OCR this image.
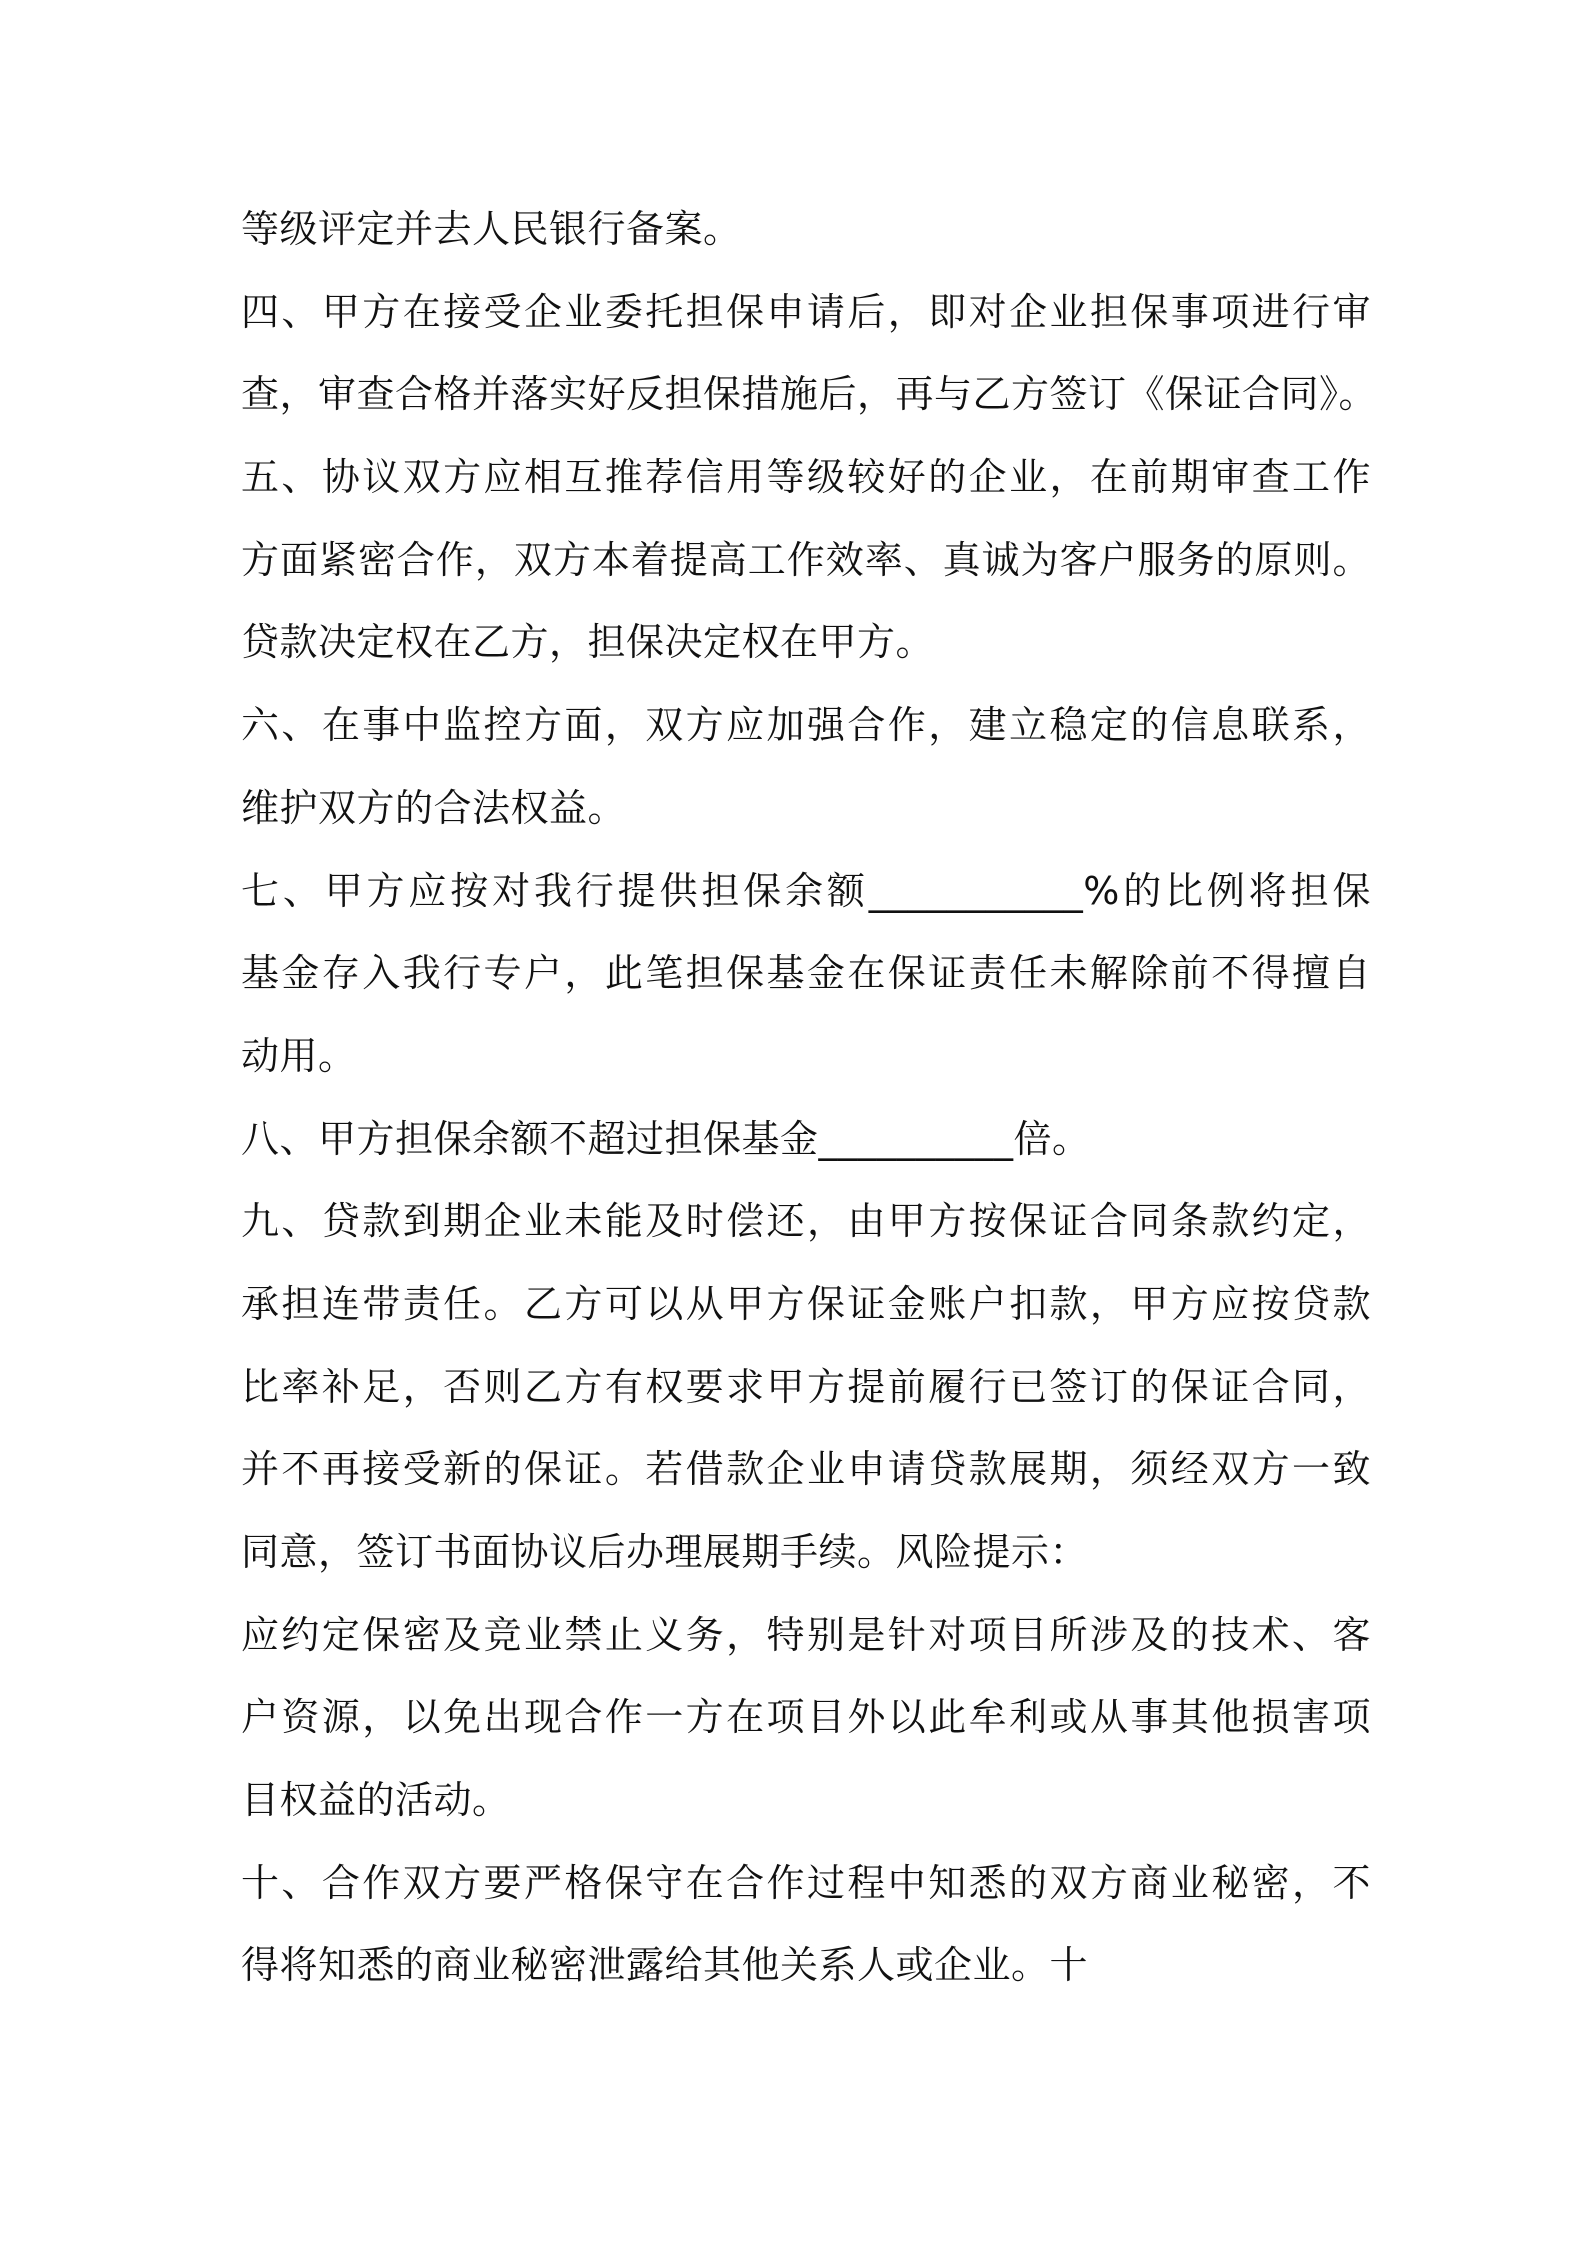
等级评定并去人民银行备案。
四、甲方在接受企业委托担保申请后，即对企业担保事项进行审
查，审查合格并落实好反担保措施后，再与乙方签订《保证合同》。
五、协议双方应相互推荐信用等级较好的企业，在前期审查工作
方面紧密合作，双方本着提高工作效率、真诚为客户服务的原则。
贷款决定权在乙方，担保决定权在甲方。
六、在事中监控方面，双方应加强合作，建立稳定的信息联系，
维护双方的合法权益。
七、甲方应按对我行提供担保余额___________%的比例将担保
基金存入我行专户，此笔担保基金在保证责任未解除前不得擅自
动用。
八、甲方担保余额不超过担保基金__________倍。
九、贷款到期企业未能及时偿还，由甲方按保证合同条款约定，
承担连带责任。乙方可以从甲方保证金账户扣款，甲方应按贷款
比率补足，否则乙方有权要求甲方提前履行已签订的保证合同，
并不再接受新的保证。若借款企业申请贷款展期，须经双方一致
同意，签订书面协议后办理展期手续。风险提示：
应约定保密及竞业禁止义务，特别是针对项目所涉及的技术、客
户资源，以免出现合作一方在项目外以此牟利或从事其他损害项
目权益的活动。
十、合作双方要严格保守在合作过程中知悉的双方商业秘密，不
得将知悉的商业秘密泄露给其他关系人或企业。十
